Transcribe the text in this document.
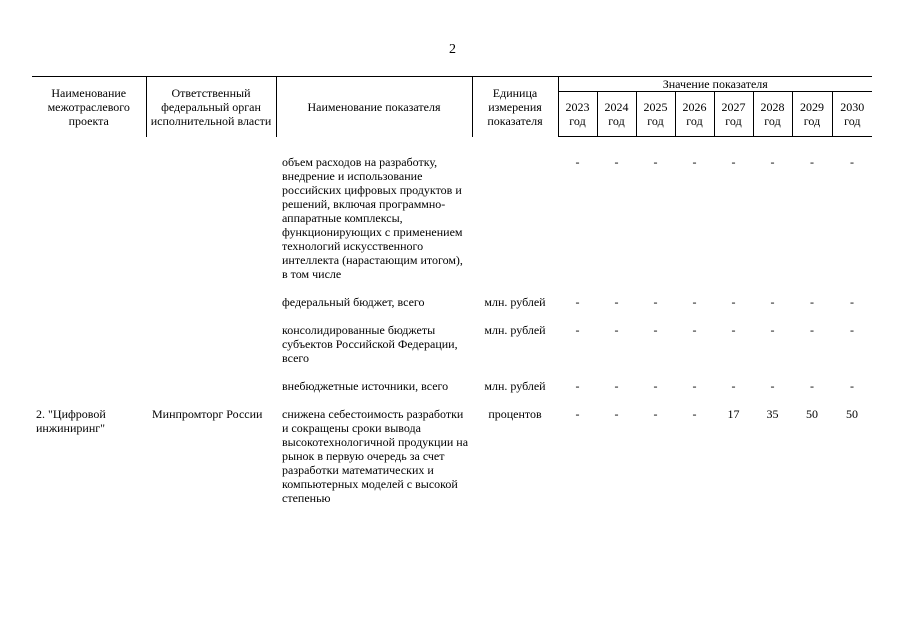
2
Наименование межотраслевого проекта	Ответственный федеральный орган исполнительной власти	Наименование показателя	Единица измерения показателя	Значение показателя							
				2023 год	2024 год	2025 год	2026 год	2027 год	2028 год	2029 год	2030 год

		объем расходов на разработку, внедрение и использование российских цифровых продуктов и решений, включая программно-аппаратные комплексы, функционирующих с применением технологий искусственного интеллекта (нарастающим итогом), в том числе		-	-	-	-	-	-	-	-

		федеральный бюджет, всего	млн. рублей	-	-	-	-	-	-	-	-

		консолидированные бюджеты субъектов Российской Федерации, всего	млн. рублей	-	-	-	-	-	-	-	-

		внебюджетные источники, всего	млн. рублей	-	-	-	-	-	-	-	-

2. "Цифровой инжиниринг"	Минпромторг России	снижена себестоимость разработки и сокращены сроки вывода высокотехнологичной продукции на рынок в первую очередь за счет разработки математических и компьютерных моделей с высокой степенью	процентов	-	-	-	-	17	35	50	50
